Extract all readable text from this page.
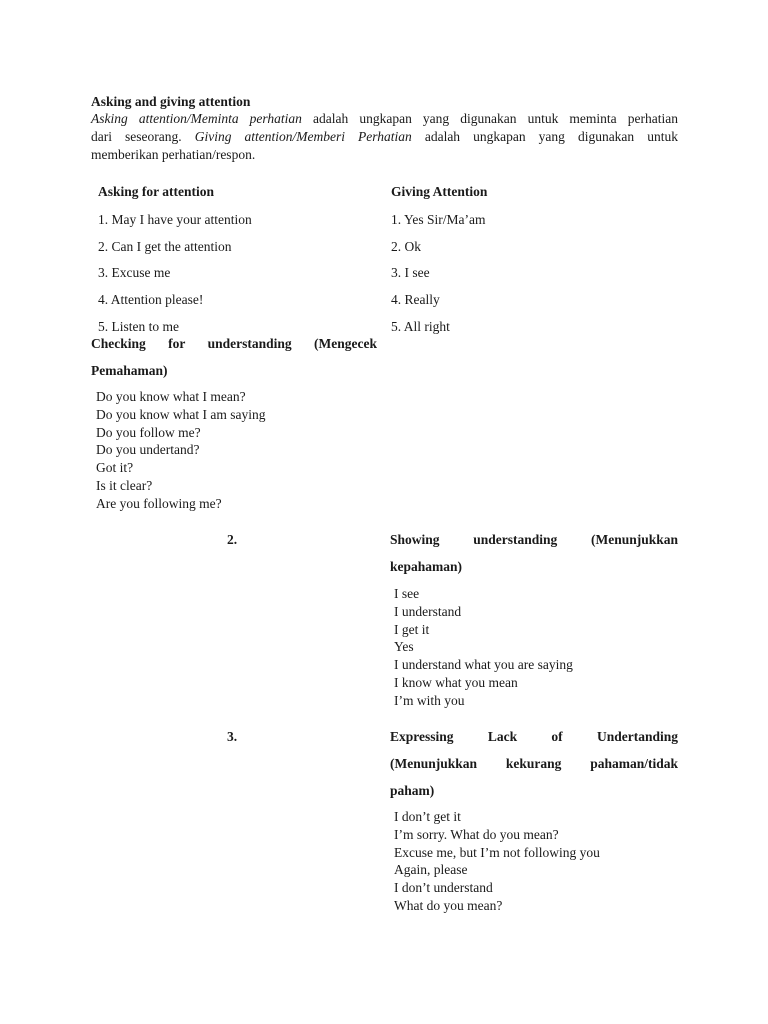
Asking and giving attention

Asking attention/Meminta perhatian adalah ungkapan yang digunakan untuk meminta perhatian

dari seseorang. Giving attention/Memberi Perhatian adalah ungkapan yang digunakan untuk

memberikan perhatian/respon.

Asking for attention
1. May I have your attention
2. Can I get the attention
3. Excuse me
4. Attention please!
5. Listen to me
Giving Attention
1. Yes Sir/Ma’am
2. Ok
3. I see
4. Really
5. All right
Checking for understanding (Mengecek
Pemahaman)
Do you know what I mean?
Do you know what I am saying
Do you follow me?
Do you undertand?
Got it?
Is it clear?
Are you following me?
2.	Showing understanding (Menunjukkan
kepahaman)
I see
I understand
I get it
Yes
I understand what you are saying
I know what you mean
I’m with you
3.	Expressing Lack of Undertanding
(Menunjukkan kekurang pahaman/tidak
paham)
I don’t get it
I’m sorry. What do you mean?
Excuse me, but I’m not following you
Again, please
I don’t understand
What do you mean?
